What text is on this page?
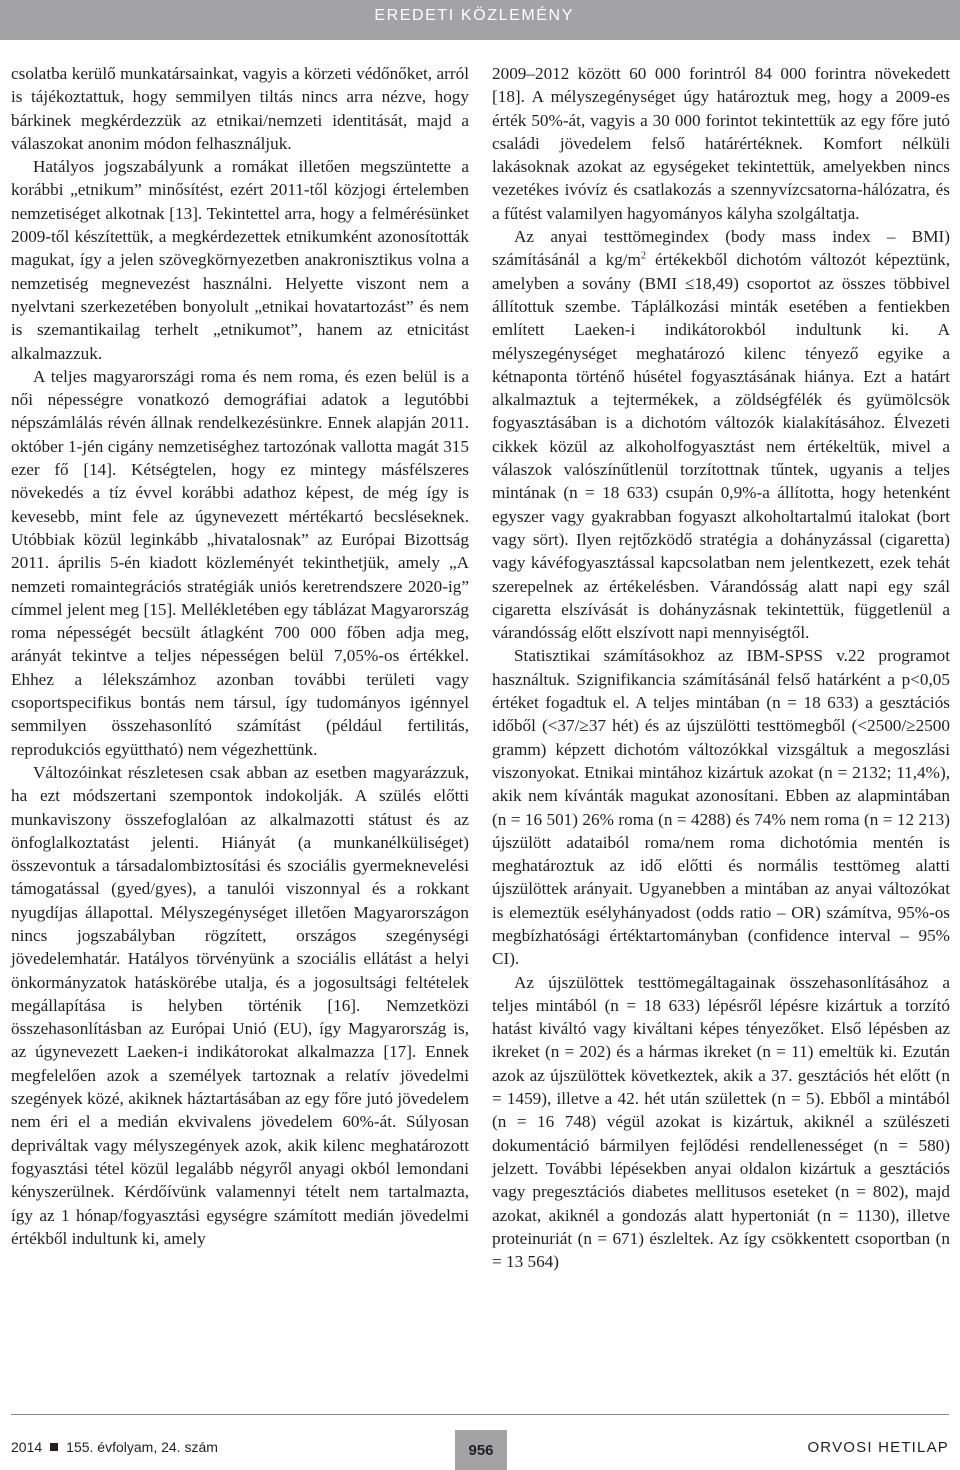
EREDETI KÖZLEMÉNY

csolatba kerülő munkatársainkat, vagyis a körzeti védőnőket, arról is tájékoztattuk, hogy semmilyen tiltás nincs arra nézve, hogy bárkinek megkérdezzük az etnikai/nemzeti identitását, majd a válaszokat anonim módon felhasználjuk.

Hatályos jogszabályunk a romákat illetően megszüntette a korábbi „etnikum” minősítést, ezért 2011-től közjogi értelemben nemzetiséget alkotnak [13]. Tekintettel arra, hogy a felmérésünket 2009-től készítettük, a megkérdezettek etnikumként azonosították magukat, így a jelen szövegkörnyezetben anakronisztikus volna a nemzetiség megnevezést használni. Helyette viszont nem a nyelvtani szerkezetében bonyolult „etnikai hovatartozást” és nem is szemantikailag terhelt „etnikumot”, hanem az etnicitást alkalmazzuk.

A teljes magyarországi roma és nem roma, és ezen belül is a női népességre vonatkozó demográfiai adatok a legutóbbi népszámlálás révén állnak rendelkezésünkre. Ennek alapján 2011. október 1-jén cigány nemzetiséghez tartozónak vallotta magát 315 ezer fő [14]. Kétségtelen, hogy ez mintegy másfélszeres növekedés a tíz évvel korábbi adathoz képest, de még így is kevesebb, mint fele az úgynevezett mértékartó becsléseknek. Utóbbiak közül leginkább „hivatalosnak” az Európai Bizottság 2011. április 5-én kiadott közleményét tekinthetjük, amely „A nemzeti romaintegrációs stratégiák uniós keretrendszere 2020-ig” címmel jelent meg [15]. Mellékletében egy táblázat Magyarország roma népességét becsült átlagként 700 000 főben adja meg, arányát tekintve a teljes népességen belül 7,05%-os értékkel. Ehhez a lélekszámhoz azonban további területi vagy csoportspecifikus bontás nem társul, így tudományos igénnyel semmilyen összehasonlító számítást (például fertilitás, reprodukciós együttható) nem végezhettünk.

Változóinkat részletesen csak abban az esetben magyarázzuk, ha ezt módszertani szempontok indokolják. A szülés előtti munkaviszony összefoglalóan az alkalmazotti státust és az önfoglalkoztatást jelenti. Hiányát (a munkanélküliséget) összevontuk a társadalombiztosítási és szociális gyermeknevelési támogatással (gyed/gyes), a tanulói viszonnyal és a rokkant nyugdíjas állapottal. Mélyszegénységet illetően Magyarországon nincs jogszabályban rögzített, országos szegénységi jövedelemhatár. Hatályos törvényünk a szociális ellátást a helyi önkormányzatok hatáskörébe utalja, és a jogosultsági feltételek megállapítása is helyben történik [16]. Nemzetközi összehasonlításban az Európai Unió (EU), így Magyarország is, az úgynevezett Laeken-i indikátorokat alkalmazza [17]. Ennek megfelelően azok a személyek tartoznak a relatív jövedelmi szegények közé, akiknek háztartásában az egy főre jutó jövedelem nem éri el a medián ekvivalens jövedelem 60%-át. Súlyosan depriváltak vagy mélyszegények azok, akik kilenc meghatározott fogyasztási tétel közül legalább négyről anyagi okból lemondani kényszerülnek. Kérdőívünk valamennyi tételt nem tartalmazta, így az 1 hónap/fogyasztási egységre számított medián jövedelmi értékből indultunk ki, amely

2009–2012 között 60 000 forintról 84 000 forintra növekedett [18]. A mélyszegénységet úgy határoztuk meg, hogy a 2009-es érték 50%-át, vagyis a 30 000 forintot tekintettük az egy főre jutó családi jövedelem felső határértéknek. Komfort nélküli lakásoknak azokat az egységeket tekintettük, amelyekben nincs vezetékes ivóvíz és csatlakozás a szennyvízcsatorna-hálózatra, és a fűtést valamilyen hagyományos kályha szolgáltatja.

Az anyai testtömegindex (body mass index – BMI) számításánál a $kg/m^2$ értékekből dichotóm változót képeztünk, amelyben a sovány (BMI ≤18,49) csoportot az összes többivel állítottuk szembe. Táplálkozási minták esetében a fentiekben említett Laeken-i indikátorokból indultunk ki. A mélyszegénységet meghatározó kilenc tényező egyike a kétnaponta történő húsétel fogyasztásának hiánya. Ezt a határt alkalmaztuk a tejtermékek, a zöldségfélék és gyümölcsök fogyasztásában is a dichotóm változók kialakításához. Élvezeti cikkek közül az alkoholfogyasztást nem értékeltük, mivel a válaszok valószínűtlenül torzítottnak tűntek, ugyanis a teljes mintának (n = 18 633) csupán 0,9%-a állította, hogy hetenként egyszer vagy gyakrabban fogyaszt alkoholtartalmú italokat (bort vagy sört). Ilyen rejtőzködő stratégia a dohányzással (cigaretta) vagy kávéfogyasztással kapcsolatban nem jelentkezett, ezek tehát szerepelnek az értékelésben. Várandósság alatt napi egy szál cigaretta elszívását is dohányzásnak tekintettük, függetlenül a várandósság előtt elszívott napi mennyiségtől.

Statisztikai számításokhoz az IBM-SPSS v.22 programot használtuk. Szignifikancia számításánál felső határként a p<0,05 értéket fogadtuk el. A teljes mintában (n = 18 633) a gesztációs időből (<37/≥37 hét) és az újszülötti testtömegből (<2500/≥2500 gramm) képzett dichotóm változókkal vizsgáltuk a megoszlási viszonyokat. Etnikai mintához kizártuk azokat (n = 2132; 11,4%), akik nem kívánták magukat azonosítani. Ebben az alapmintában (n = 16 501) 26% roma (n = 4288) és 74% nem roma (n = 12 213) újszülött adataiból roma/nem roma dichotómia mentén is meghatároztuk az idő előtti és normális testtömeg alatti újszülöttek arányait. Ugyanebben a mintában az anyai változókat is elemeztük esélyhányadost (odds ratio – OR) számítva, 95%-os megbízhatósági értéktartományban (confidence interval – 95% CI).

Az újszülöttek testtömegáltagainak összehasonlításához a teljes mintából (n = 18 633) lépésről lépésre kizártuk a torzító hatást kiváltó vagy kiváltani képes tényezőket. Első lépésben az ikreket (n = 202) és a hármas ikreket (n = 11) emeltük ki. Ezután azok az újszülöttek következtek, akik a 37. gesztációs hét előtt (n = 1459), illetve a 42. hét után születtek (n = 5). Ebből a mintából (n = 16 748) végül azokat is kizártuk, akiknél a szülészeti dokumentáció bármilyen fejlődési rendellenességet (n = 580) jelzett. További lépésekben anyai oldalon kizártuk a gesztációs vagy pregesztációs diabetes mellitusos eseteket (n = 802), majd azokat, akiknél a gondozás alatt hypertoniát (n = 1130), illetve proteinuriát (n = 671) észleltek. Az így csökkentett csoportban (n = 13 564)

2014 155. évfolyam, 24. szám	956	ORVOSI HETILAP
